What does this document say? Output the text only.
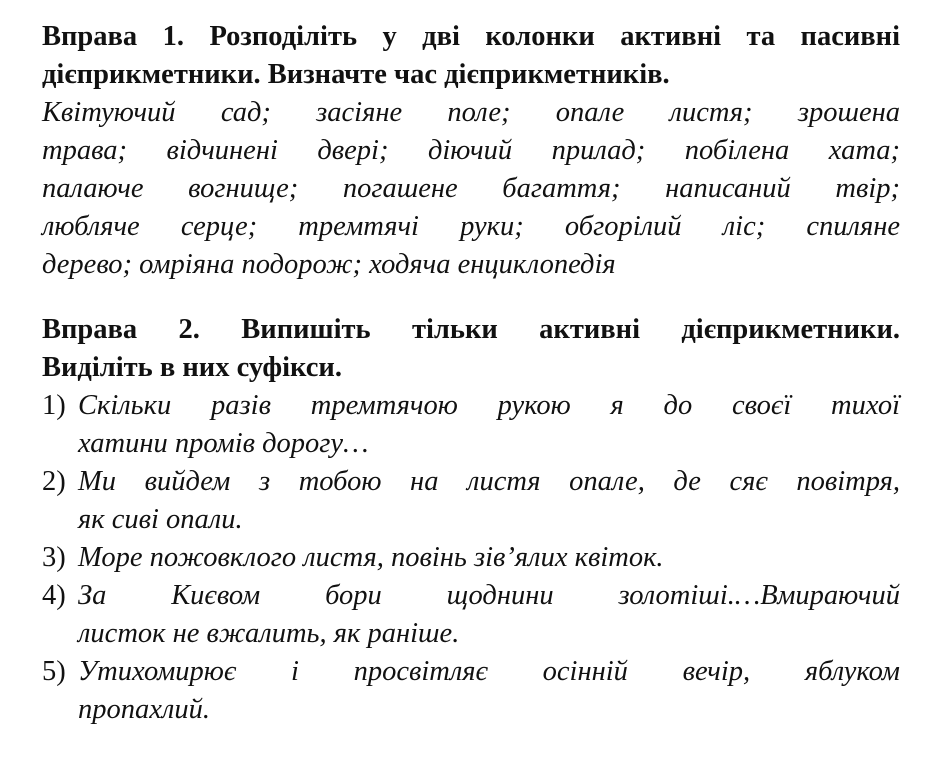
Вправа 1. Розподіліть у дві колонки активні та пасивні
дієприкметники. Визначте час дієприкметників.
Квітуючий сад; засіяне поле; опале листя; зрошена
трава; відчинені двері; діючий прилад; побілена хата;
палаюче вогнище; погашене багаття; написаний твір;
любляче серце; тремтячі руки; обгорілий ліс; спиляне
дерево; омріяна подорож; ходяча енциклопедія
Вправа 2. Випишіть тільки активні дієприкметники.
Виділіть в них суфікси.
1) Скільки разів тремтячою рукою я до своєї тихої
хатини промів дорогу…
2) Ми вийдем з тобою на листя опале, де сяє повітря,
як сиві опали.
3) Море пожовклого листя, повінь зів’ялих квіток.
4) За Києвом бори щоднини золотіші.…Вмираючий
листок не вжалить, як раніше.
5) Утихомирює і просвітляє осінній вечір, яблуком
пропахлий.
